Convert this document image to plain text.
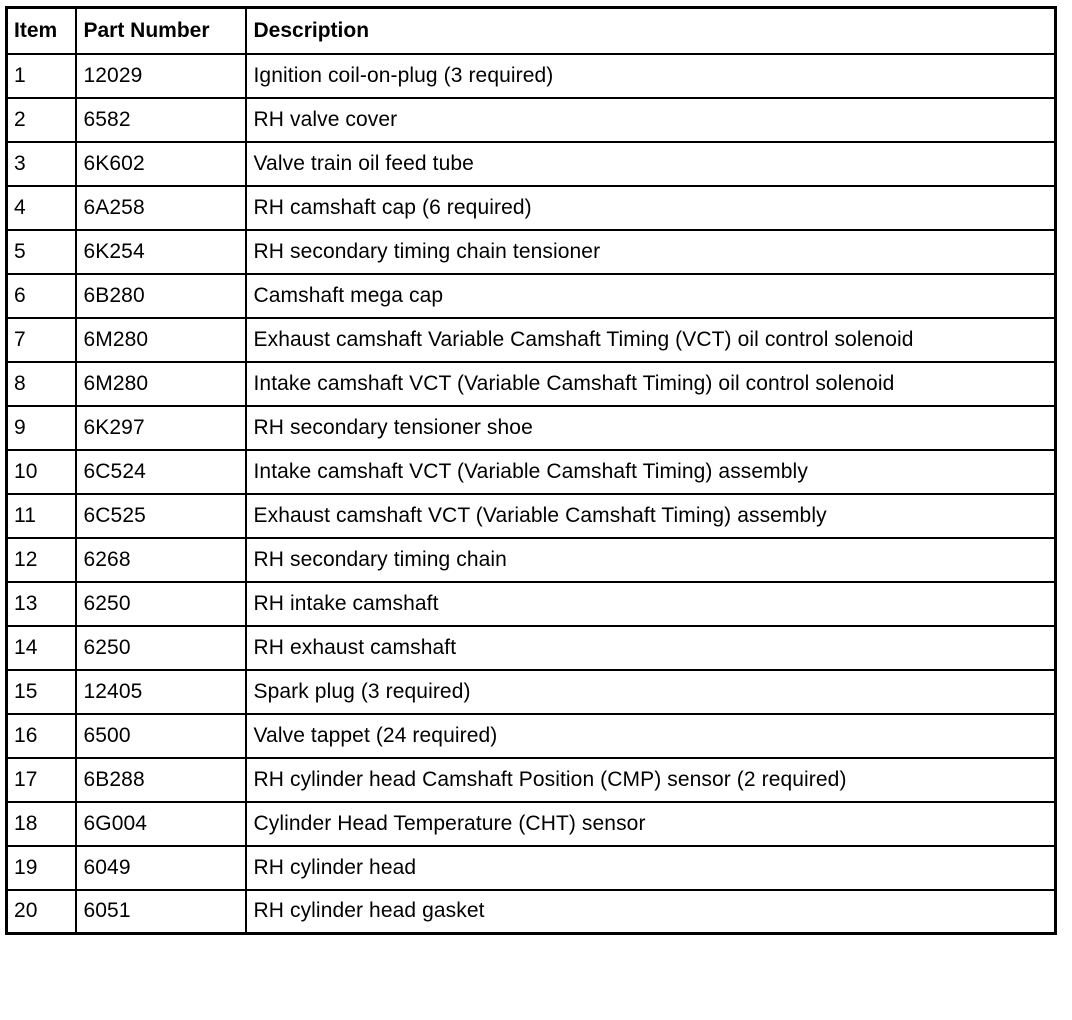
Item	Part Number	Description
1	12029	Ignition coil-on-plug (3 required)
2	6582	RH valve cover
3	6K602	Valve train oil feed tube
4	6A258	RH camshaft cap (6 required)
5	6K254	RH secondary timing chain tensioner
6	6B280	Camshaft mega cap
7	6M280	Exhaust camshaft Variable Camshaft Timing (VCT) oil control solenoid
8	6M280	Intake camshaft VCT (Variable Camshaft Timing) oil control solenoid
9	6K297	RH secondary tensioner shoe
10	6C524	Intake camshaft VCT (Variable Camshaft Timing) assembly
11	6C525	Exhaust camshaft VCT (Variable Camshaft Timing) assembly
12	6268	RH secondary timing chain
13	6250	RH intake camshaft
14	6250	RH exhaust camshaft
15	12405	Spark plug (3 required)
16	6500	Valve tappet (24 required)
17	6B288	RH cylinder head Camshaft Position (CMP) sensor (2 required)
18	6G004	Cylinder Head Temperature (CHT) sensor
19	6049	RH cylinder head
20	6051	RH cylinder head gasket
